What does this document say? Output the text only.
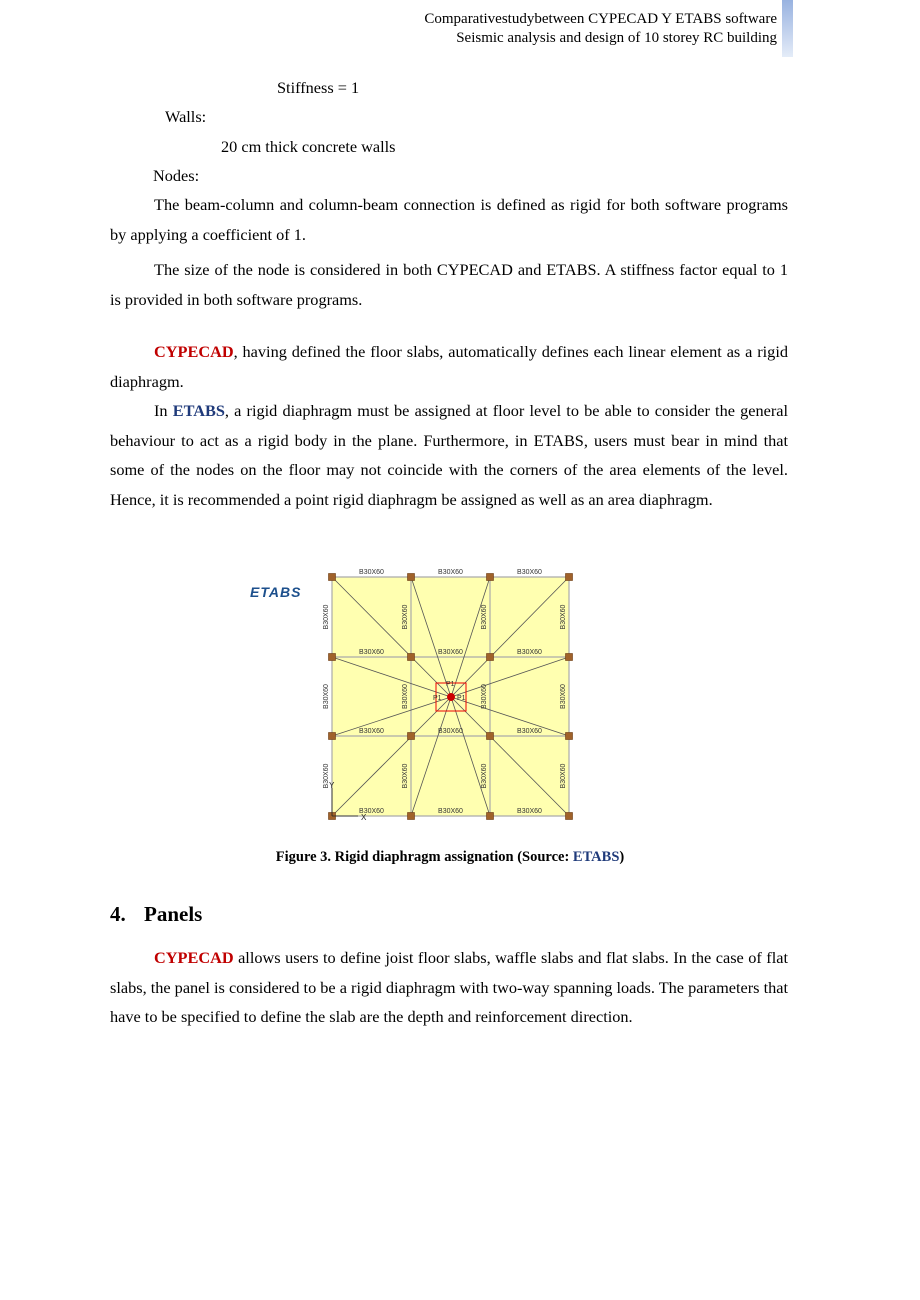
Comparativestudybetween CYPECAD Y ETABS software
Seismic analysis and design of 10 storey RC building
Stiffness = 1
Walls:
20 cm thick concrete walls
Nodes:

The beam-column and column-beam connection is defined as rigid for both software programs by applying a coefficient of 1.

The size of the node is considered in both CYPECAD and ETABS. A stiffness factor equal to 1 is provided in both software programs.

CYPECAD, having defined the floor slabs, automatically defines each linear element as a rigid diaphragm.

In ETABS, a rigid diaphragm must be assigned at floor level to be able to consider the general behaviour to act as a rigid body in the plane. Furthermore, in ETABS, users must bear in mind that some of the nodes on the floor may not coincide with the corners of the area elements of the level. Hence, it is recommended a point rigid diaphragm be assigned as well as an area diaphragm.

B30X60
B30X60
B30X60
B30X60
B30X60
B30X60
B30X60
B30X60
B30X60
B30X60
B30X60
B30X60
B30X60
B30X60
B30X60
B30X60
B30X60
B30X60
B30X60
B30X60
B30X60
B30X60
B30X60
B30X60
P1
P1 P1
X
Y
ETABS
Figure 3. Rigid diaphragm assignation (Source: ETABS)
4. Panels

CYPECAD allows users to define joist floor slabs, waffle slabs and flat slabs. In the case of flat slabs, the panel is considered to be a rigid diaphragm with two-way spanning loads. The parameters that have to be specified to define the slab are the depth and reinforcement direction.
